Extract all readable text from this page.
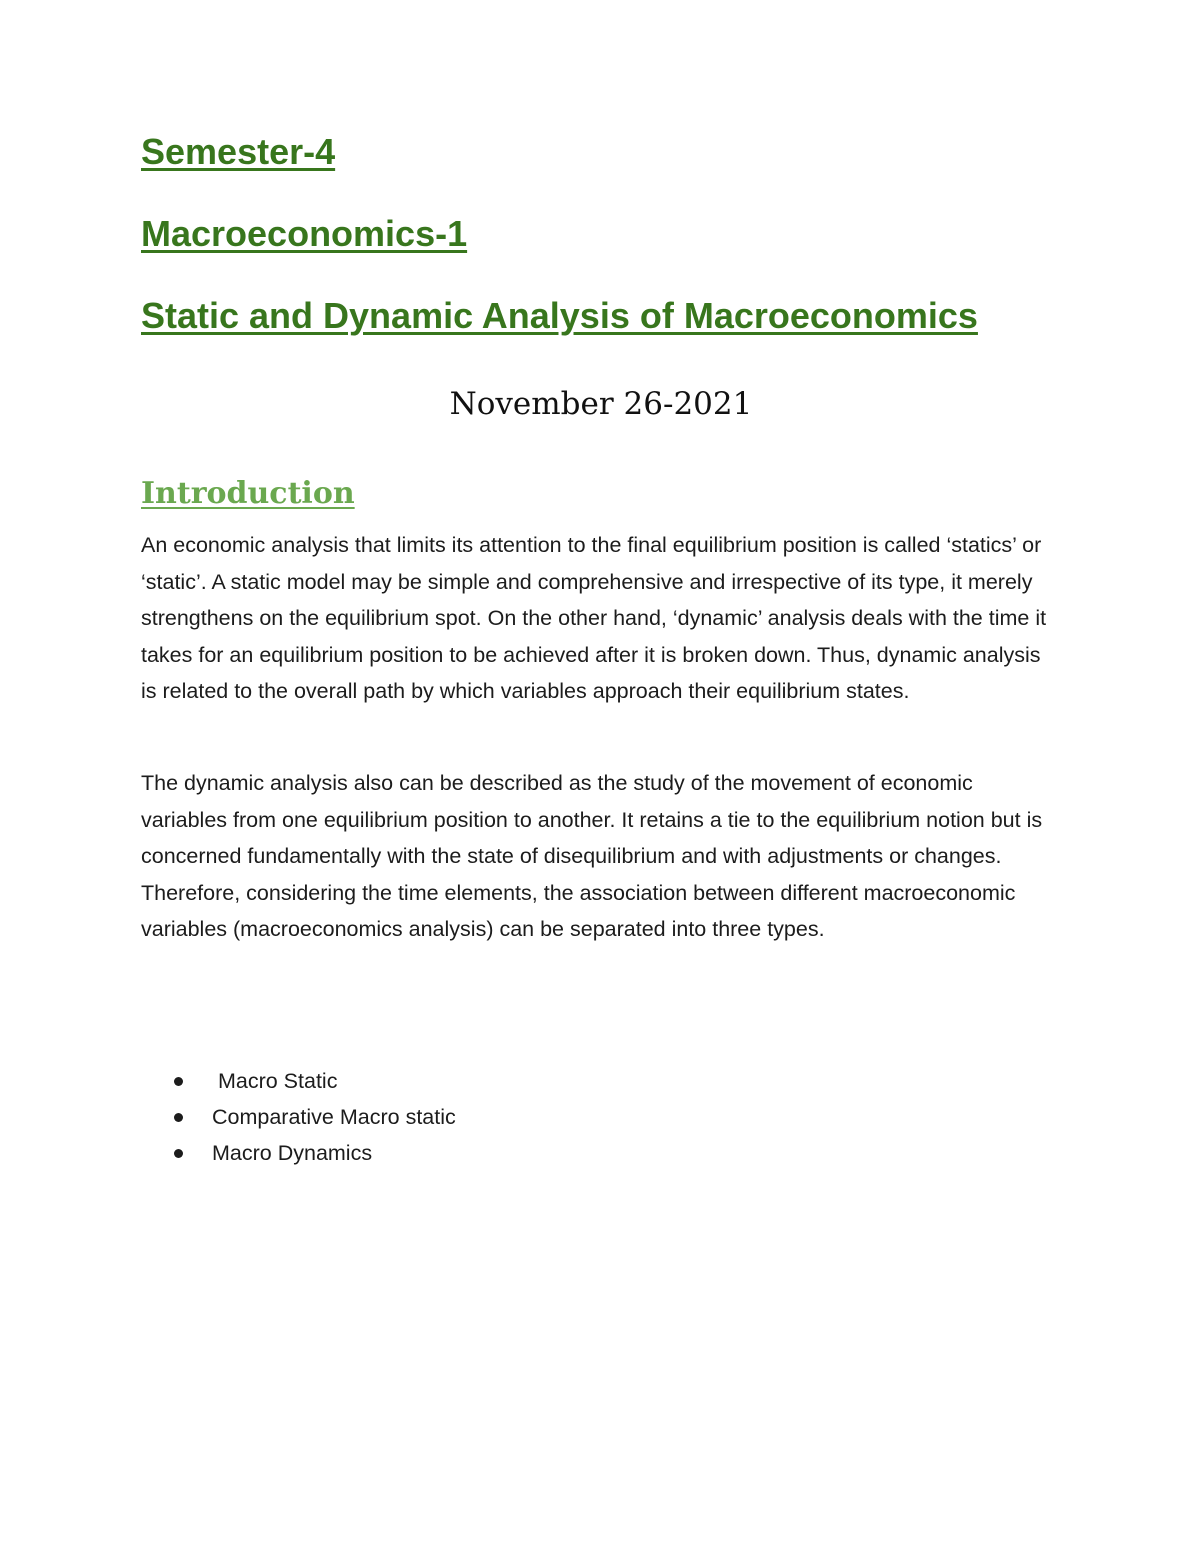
Semester-4
Macroeconomics-1
Static and Dynamic Analysis of Macroeconomics

November 26-2021

Introduction

An economic analysis that limits its attention to the final equilibrium position is called ‘statics’ or ‘static’. A static model may be simple and comprehensive and irrespective of its type, it merely strengthens on the equilibrium spot. On the other hand, ‘dynamic’ analysis deals with the time it takes for an equilibrium position to be achieved after it is broken down. Thus, dynamic analysis is related to the overall path by which variables approach their equilibrium states.

The dynamic analysis also can be described as the study of the movement of economic variables from one equilibrium position to another. It retains a tie to the equilibrium notion but is concerned fundamentally with the state of disequilibrium and with adjustments or changes. Therefore, considering the time elements, the association between different macroeconomic variables (macroeconomics analysis) can be separated into three types.

Macro Static
Comparative Macro static
Macro Dynamics
